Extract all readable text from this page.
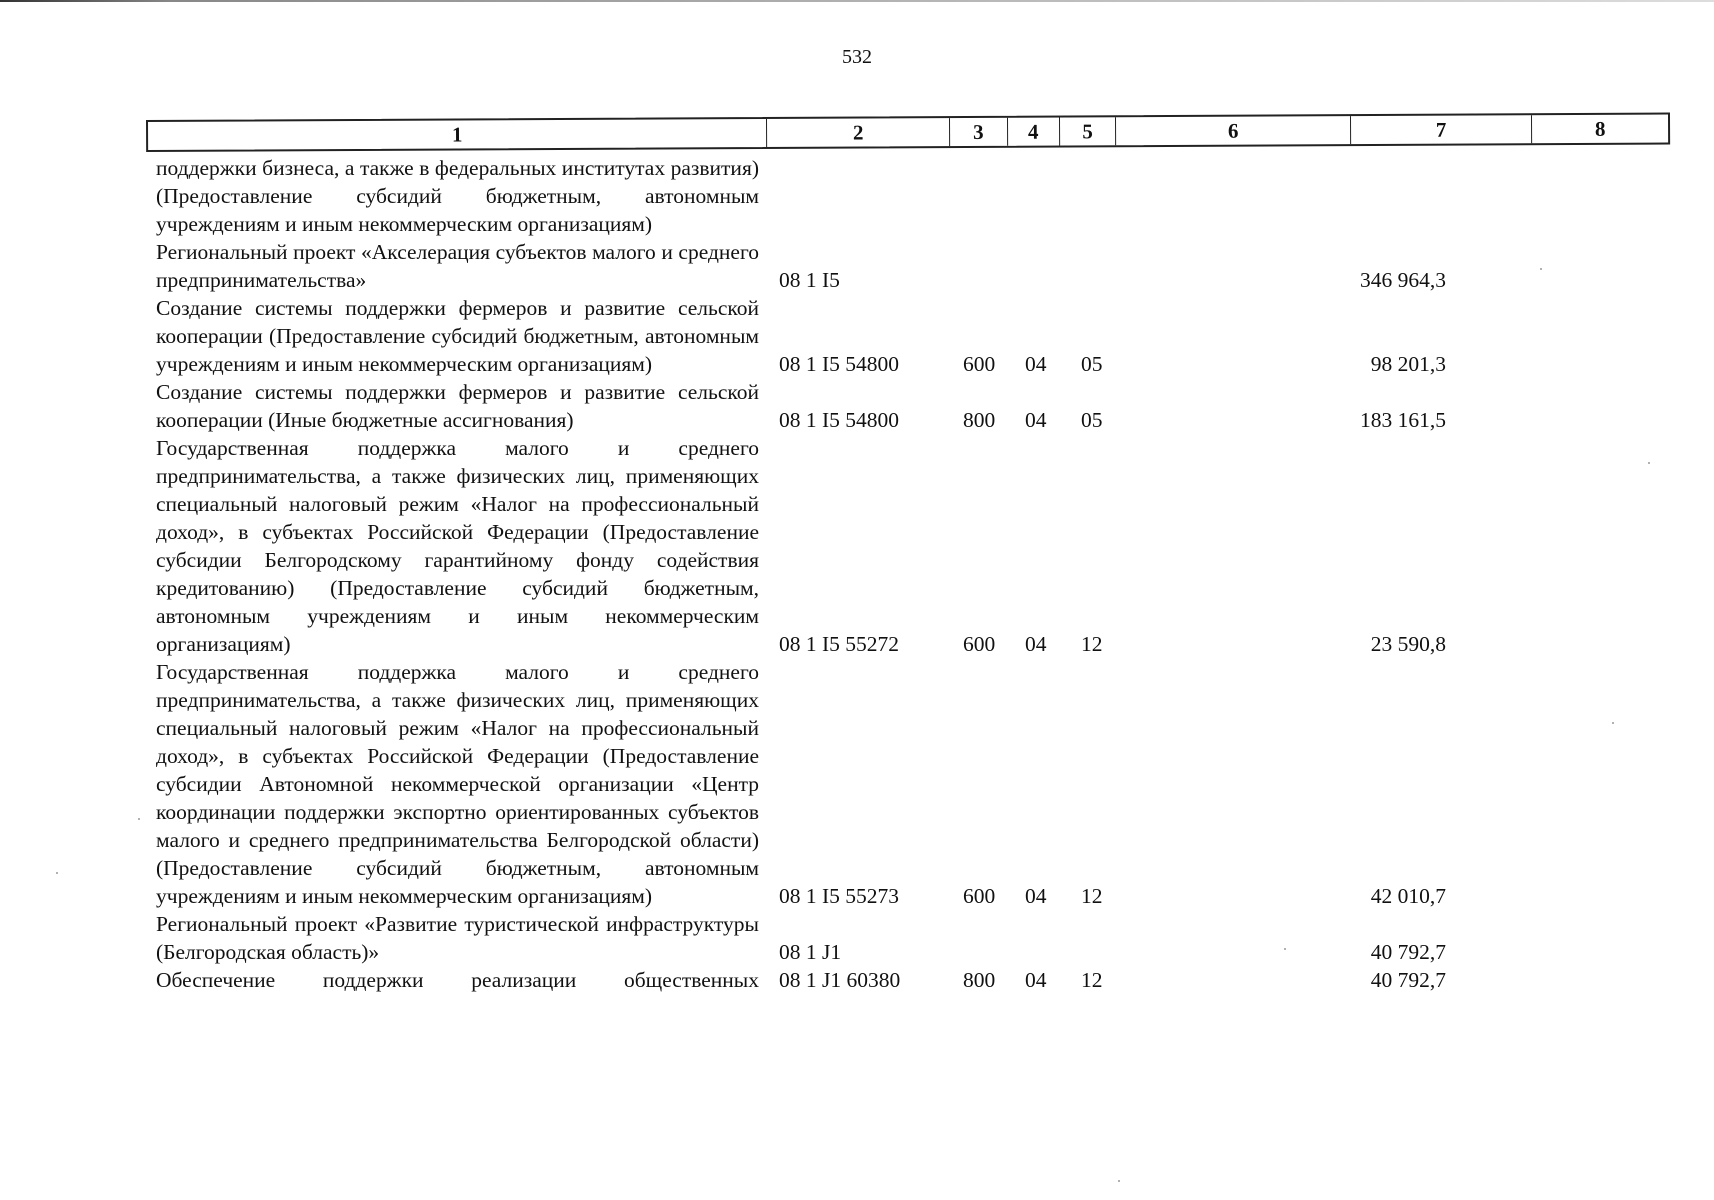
532
1	2	3	4	5	6	7	8
поддержки бизнеса, а также в федеральных институтах развития) (Предоставление субсидий бюджетным, автономным учреждениям и иным некоммерческим организациям)
Региональный проект «Акселерация субъектов малого и среднего предпринимательства»	08 1 I5	346 964,3
Создание системы поддержки фермеров и развитие сельской кооперации (Предоставление субсидий бюджетным, автономным учреждениям и иным некоммерческим организациям)	08 1 I5 54800	600 04 05	98 201,3
Создание системы поддержки фермеров и развитие сельской кооперации (Иные бюджетные ассигнования)	08 1 I5 54800	800 04 05	183 161,5
Государственная поддержка малого и среднего предпринимательства, а также физических лиц, применяющих специальный налоговый режим «Налог на профессиональный доход», в субъектах Российской Федерации (Предоставление субсидии Белгородскому гарантийному фонду содействия кредитованию) (Предоставление субсидий бюджетным, автономным учреждениям и иным некоммерческим организациям)	08 1 I5 55272	600 04 12	23 590,8
Государственная поддержка малого и среднего предпринимательства, а также физических лиц, применяющих специальный налоговый режим «Налог на профессиональный доход», в субъектах Российской Федерации (Предоставление субсидии Автономной некоммерческой организации «Центр координации поддержки экспортно ориентированных субъектов малого и среднего предпринимательства Белгородской области) (Предоставление субсидий бюджетным, автономным учреждениям и иным некоммерческим организациям)	08 1 I5 55273	600 04 12	42 010,7
Региональный проект «Развитие туристической инфраструктуры (Белгородская область)»	08 1 J1	40 792,7
Обеспечение поддержки реализации общественных 08 1 J1 60380	800 04 12	40 792,7
